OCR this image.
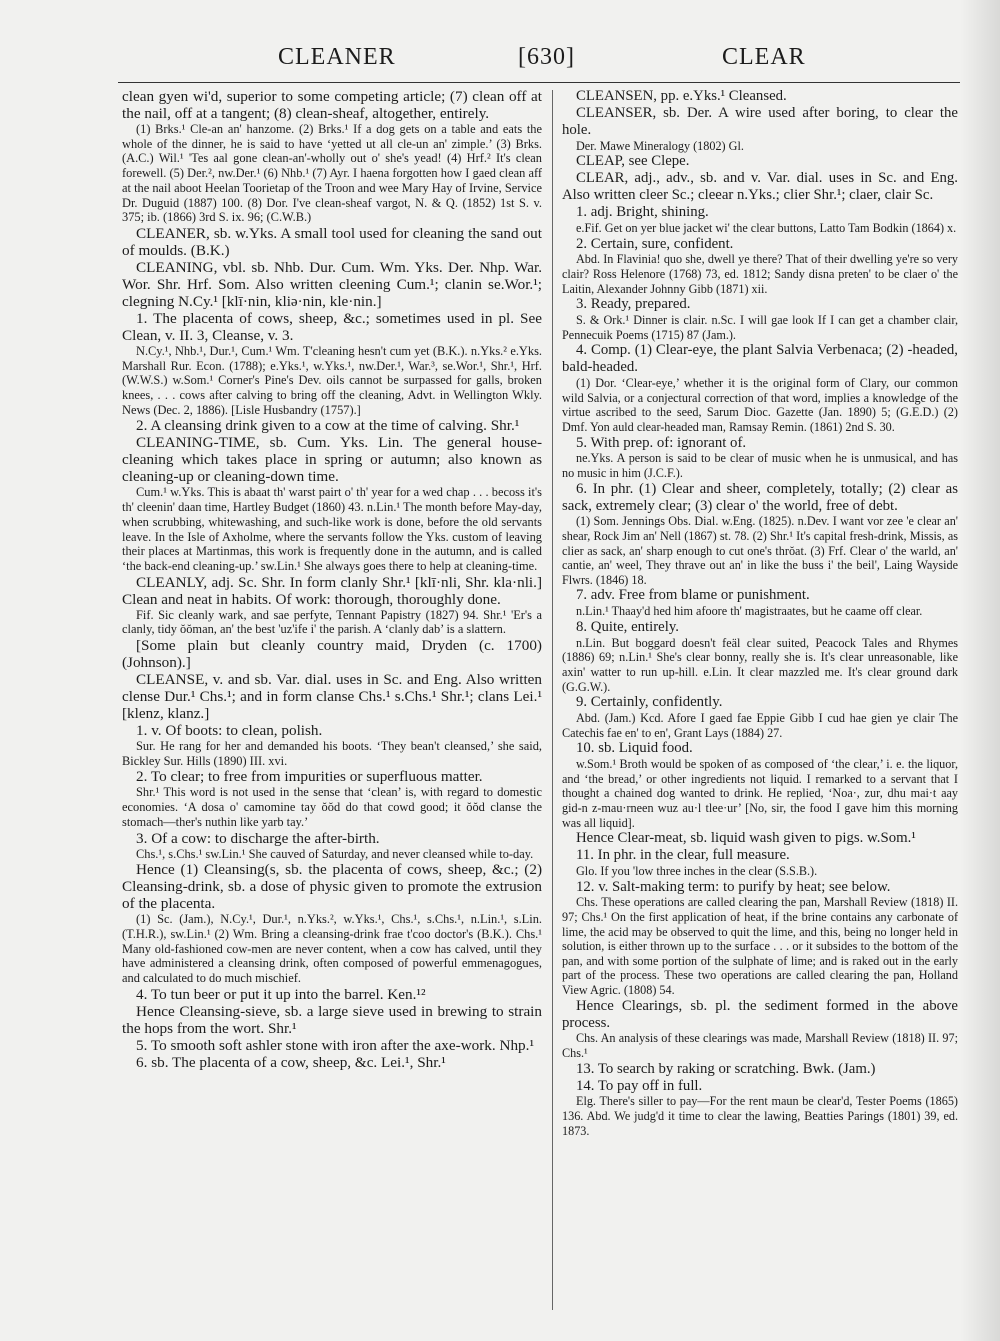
CLEANER	[630]	CLEAR

clean gyen wi'd, superior to some competing article; (7) clean off at the nail, off at a tangent; (8) clean-sheaf, altogether, entirely.

(1) Brks.¹ Cle-an an' hanzome. (2) Brks.¹ If a dog gets on a table and eats the whole of the dinner, he is said to have ‘yetted ut all cle-un an' zimple.’ (3) Brks. (A.C.) Wil.¹ 'Tes aal gone clean-an'-wholly out o' she's yead! (4) Hrf.² It's clean forewell. (5) Der.², nw.Der.¹ (6) Nhb.¹ (7) Ayr. I haena forgotten how I gaed clean aff at the nail aboot Heelan Toorietap of the Troon and wee Mary Hay of Irvine, Service Dr. Duguid (1887) 100. (8) Dor. I've clean-sheaf vargot, N. & Q. (1852) 1st S. v. 375; ib. (1866) 3rd S. ix. 96; (C.W.B.)

CLEANER, sb. w.Yks. A small tool used for cleaning the sand out of moulds. (B.K.)

CLEANING, vbl. sb. Nhb. Dur. Cum. Wm. Yks. Der. Nhp. War. Wor. Shr. Hrf. Som. Also written cleening Cum.¹; clanin se.Wor.¹; clegning N.Cy.¹ [klī·nin, kliə·nin, kle·nin.]

1. The placenta of cows, sheep, &c.; sometimes used in pl. See Clean, v. II. 3, Cleanse, v. 3.

N.Cy.¹, Nhb.¹, Dur.¹, Cum.¹ Wm. T'cleaning hesn't cum yet (B.K.). n.Yks.² e.Yks. Marshall Rur. Econ. (1788); e.Yks.¹, w.Yks.¹, nw.Der.¹, War.³, se.Wor.¹, Shr.¹, Hrf. (W.W.S.) w.Som.¹ Corner's Pine's Dev. oils cannot be surpassed for galls, broken knees, . . . cows after calving to bring off the cleaning, Advt. in Wellington Wkly. News (Dec. 2, 1886). [Lisle Husbandry (1757).]

2. A cleansing drink given to a cow at the time of calving. Shr.¹

CLEANING-TIME, sb. Cum. Yks. Lin. The general house-cleaning which takes place in spring or autumn; also known as cleaning-up or cleaning-down time.

Cum.¹ w.Yks. This is abaat th' warst pairt o' th' year for a wed chap . . . becoss it's th' cleenin' daan time, Hartley Budget (1860) 43. n.Lin.¹ The month before May-day, when scrubbing, whitewashing, and such-like work is done, before the old servants leave. In the Isle of Axholme, where the servants follow the Yks. custom of leaving their places at Martinmas, this work is frequently done in the autumn, and is called ‘the back-end cleaning-up.’ sw.Lin.¹ She always goes there to help at cleaning-time.

CLEANLY, adj. Sc. Shr. In form clanly Shr.¹ [klī·nli, Shr. kla·nli.] Clean and neat in habits. Of work: thorough, thoroughly done.

Fif. Sic cleanly wark, and sae perfyte, Tennant Papistry (1827) 94. Shr.¹ 'Er's a clanly, tidy ŏŏman, an' the best 'uz'ife i' the parish. A ‘clanly dab’ is a slattern.

[Some plain but cleanly country maid, Dryden (c. 1700) (Johnson).]

CLEANSE, v. and sb. Var. dial. uses in Sc. and Eng. Also written clense Dur.¹ Chs.¹; and in form clanse Chs.¹ s.Chs.¹ Shr.¹; clans Lei.¹ [klenz, klanz.]

1. v. Of boots: to clean, polish.

Sur. He rang for her and demanded his boots. ‘They bean't cleansed,’ she said, Bickley Sur. Hills (1890) III. xvi.

2. To clear; to free from impurities or superfluous matter.

Shr.¹ This word is not used in the sense that ‘clean’ is, with regard to domestic economies. ‘A dosa o' camomine tay ŏŏd do that cowd good; it ŏŏd clanse the stomach—ther's nuthin like yarb tay.’

3. Of a cow: to discharge the after-birth.

Chs.¹, s.Chs.¹ sw.Lin.¹ She cauved of Saturday, and never cleansed while to-day.

Hence (1) Cleansing(s, sb. the placenta of cows, sheep, &c.; (2) Cleansing-drink, sb. a dose of physic given to promote the extrusion of the placenta.

(1) Sc. (Jam.), N.Cy.¹, Dur.¹, n.Yks.², w.Yks.¹, Chs.¹, s.Chs.¹, n.Lin.¹, s.Lin. (T.H.R.), sw.Lin.¹ (2) Wm. Bring a cleansing-drink frae t'coo doctor's (B.K.). Chs.¹ Many old-fashioned cow-men are never content, when a cow has calved, until they have administered a cleansing drink, often composed of powerful emmenagogues, and calculated to do much mischief.

4. To tun beer or put it up into the barrel. Ken.¹²

Hence Cleansing-sieve, sb. a large sieve used in brewing to strain the hops from the wort. Shr.¹

5. To smooth soft ashler stone with iron after the axe-work. Nhp.¹

6. sb. The placenta of a cow, sheep, &c. Lei.¹, Shr.¹

CLEANSEN, pp. e.Yks.¹ Cleansed.

CLEANSER, sb. Der. A wire used after boring, to clear the hole.

Der. Mawe Mineralogy (1802) Gl.

CLEAP, see Clepe.

CLEAR, adj., adv., sb. and v. Var. dial. uses in Sc. and Eng. Also written cleer Sc.; cleear n.Yks.; clier Shr.¹; claer, clair Sc.

1. adj. Bright, shining.

e.Fif. Get on yer blue jacket wi' the clear buttons, Latto Tam Bodkin (1864) x.

2. Certain, sure, confident.

Abd. In Flavinia! quo she, dwell ye there? That of their dwelling ye're so very clair? Ross Helenore (1768) 73, ed. 1812; Sandy disna preten' to be claer o' the Laitin, Alexander Johnny Gibb (1871) xii.

3. Ready, prepared.

S. & Ork.¹ Dinner is clair. n.Sc. I will gae look If I can get a chamber clair, Pennecuik Poems (1715) 87 (Jam.).

4. Comp. (1) Clear-eye, the plant Salvia Verbenaca; (2) -headed, bald-headed.

(1) Dor. ‘Clear-eye,’ whether it is the original form of Clary, our common wild Salvia, or a conjectural correction of that word, implies a knowledge of the virtue ascribed to the seed, Sarum Dioc. Gazette (Jan. 1890) 5; (G.E.D.) (2) Dmf. Yon auld clear-headed man, Ramsay Remin. (1861) 2nd S. 30.

5. With prep. of: ignorant of.

ne.Yks. A person is said to be clear of music when he is unmusical, and has no music in him (J.C.F.).

6. In phr. (1) Clear and sheer, completely, totally; (2) clear as sack, extremely clear; (3) clear o' the world, free of debt.

(1) Som. Jennings Obs. Dial. w.Eng. (1825). n.Dev. I want vor zee 'e clear an' shear, Rock Jim an' Nell (1867) st. 78. (2) Shr.¹ It's capital fresh-drink, Missis, as clier as sack, an' sharp enough to cut one's thrŏat. (3) Frf. Clear o' the warld, an' cantie, an' weel, They thrave out an' in like the buss i' the beil', Laing Wayside Flwrs. (1846) 18.

7. adv. Free from blame or punishment.

n.Lin.¹ Thaay'd hed him afoore th' magistraates, but he caame off clear.

8. Quite, entirely.

n.Lin. But boggard doesn't feäl clear suited, Peacock Tales and Rhymes (1886) 69; n.Lin.¹ She's clear bonny, really she is. It's clear unreasonable, like axin' watter to run up-hill. e.Lin. It clear mazzled me. It's clear ground dark (G.G.W.).

9. Certainly, confidently.

Abd. (Jam.) Kcd. Afore I gaed fae Eppie Gibb I cud hae gien ye clair The Catechis fae en' to en', Grant Lays (1884) 27.

10. sb. Liquid food.

w.Som.¹ Broth would be spoken of as composed of ‘the clear,’ i. e. the liquor, and ‘the bread,’ or other ingredients not liquid. I remarked to a servant that I thought a chained dog wanted to drink. He replied, ‘Noa·, zur, dhu mai·t aay gid-n z-mau·rneen wuz au·l tlee·ur’ [No, sir, the food I gave him this morning was all liquid].

Hence Clear-meat, sb. liquid wash given to pigs. w.Som.¹

11. In phr. in the clear, full measure.

Glo. If you 'low three inches in the clear (S.S.B.).

12. v. Salt-making term: to purify by heat; see below.

Chs. These operations are called clearing the pan, Marshall Review (1818) II. 97; Chs.¹ On the first application of heat, if the brine contains any carbonate of lime, the acid may be observed to quit the lime, and this, being no longer held in solution, is either thrown up to the surface . . . or it subsides to the bottom of the pan, and with some portion of the sulphate of lime; and is raked out in the early part of the process. These two operations are called clearing the pan, Holland View Agric. (1808) 54.

Hence Clearings, sb. pl. the sediment formed in the above process.

Chs. An analysis of these clearings was made, Marshall Review (1818) II. 97; Chs.¹

13. To search by raking or scratching. Bwk. (Jam.)

14. To pay off in full.

Elg. There's siller to pay—For the rent maun be clear'd, Tester Poems (1865) 136. Abd. We judg'd it time to clear the lawing, Beatties Parings (1801) 39, ed. 1873.
